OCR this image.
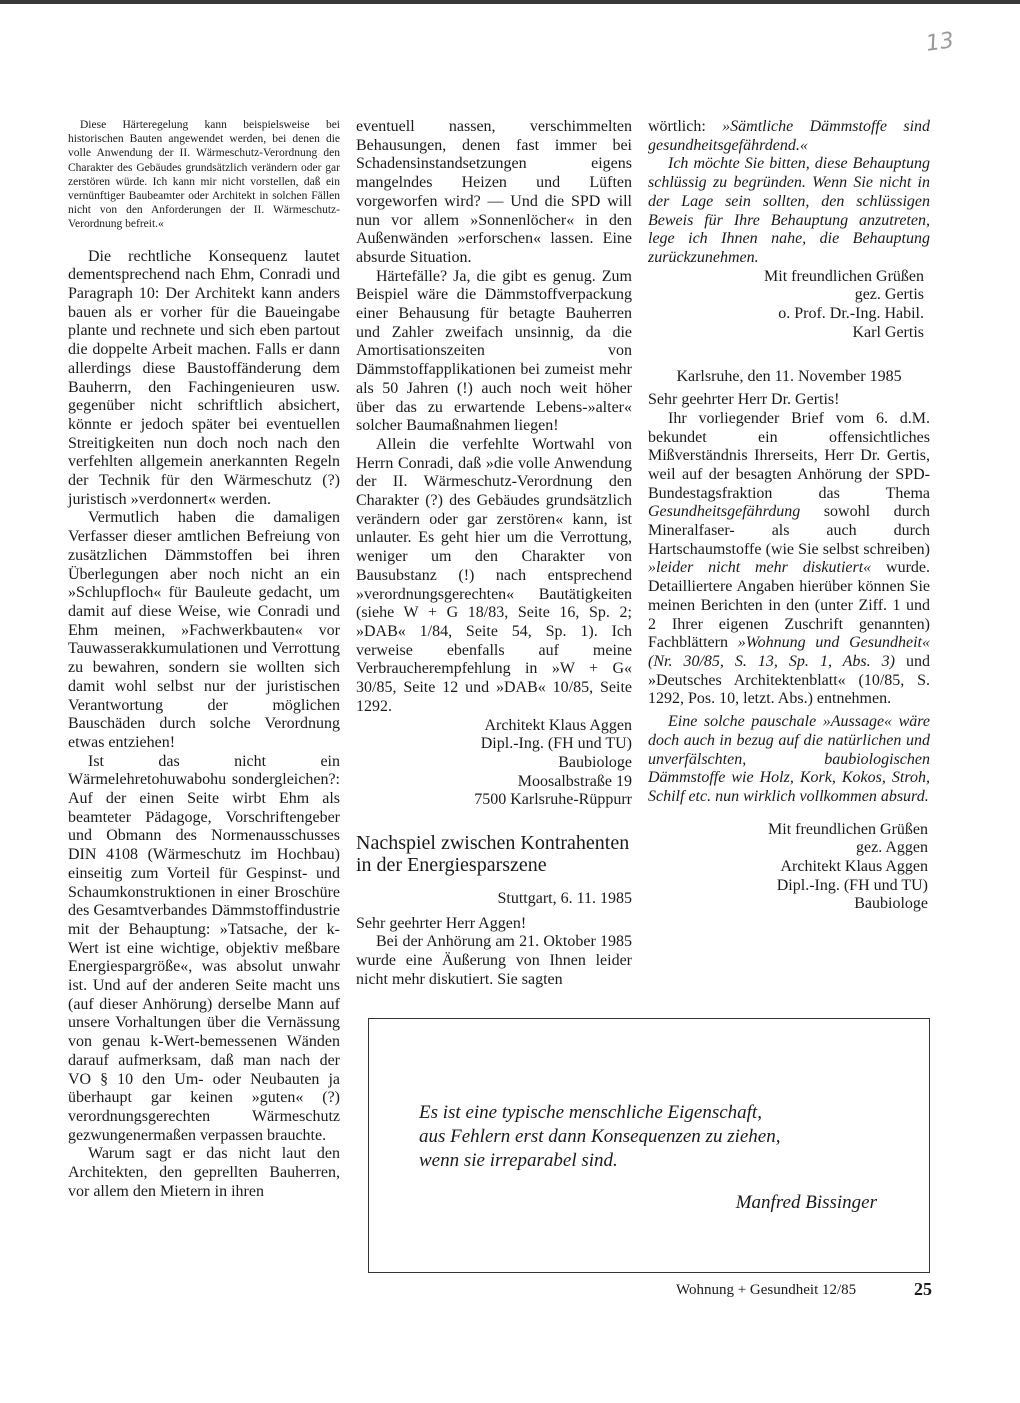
13

Diese Härteregelung kann beispielsweise bei historischen Bauten angewendet werden, bei denen die volle Anwendung der II. Wärmeschutz-Verordnung den Charakter des Gebäudes grundsätzlich verändern oder gar zerstören würde. Ich kann mir nicht vorstellen, daß ein vernünftiger Baubeamter oder Architekt in solchen Fällen nicht von den Anforderungen der II. Wärmeschutz-Verordnung befreit.«

Die rechtliche Konsequenz lautet dementsprechend nach Ehm, Conradi und Paragraph 10: Der Architekt kann anders bauen als er vorher für die Baueingabe plante und rechnete und sich eben partout die doppelte Arbeit machen. Falls er dann allerdings diese Baustoffänderung dem Bauherrn, den Fachingenieuren usw. gegenüber nicht schriftlich absichert, könnte er jedoch später bei eventuellen Streitigkeiten nun doch noch nach den verfehlten allgemein anerkannten Regeln der Technik für den Wärmeschutz (?) juristisch »verdonnert« werden.

Vermutlich haben die damaligen Verfasser dieser amtlichen Befreiung von zusätzlichen Dämmstoffen bei ihren Überlegungen aber noch nicht an ein »Schlupfloch« für Bauleute gedacht, um damit auf diese Weise, wie Conradi und Ehm meinen, »Fachwerkbauten« vor Tauwasserakkumulationen und Verrottung zu bewahren, sondern sie wollten sich damit wohl selbst nur der juristischen Verantwortung der möglichen Bauschäden durch solche Verordnung etwas entziehen!

Ist das nicht ein Wärmelehretohuwabohu sondergleichen?: Auf der einen Seite wirbt Ehm als beamteter Pädagoge, Vorschriftengeber und Obmann des Normenausschusses DIN 4108 (Wärmeschutz im Hochbau) einseitig zum Vorteil für Gespinst- und Schaumkonstruktionen in einer Broschüre des Gesamtverbandes Dämmstoffindustrie mit der Behauptung: »Tatsache, der k-Wert ist eine wichtige, objektiv meßbare Energiespargröße«, was absolut unwahr ist. Und auf der anderen Seite macht uns (auf dieser Anhörung) derselbe Mann auf unsere Vorhaltungen über die Vernässung von genau k-Wert-bemessenen Wänden darauf aufmerksam, daß man nach der VO § 10 den Um- oder Neubauten ja überhaupt gar keinen »guten« (?) verordnungsgerechten Wärmeschutz gezwungenermaßen verpassen brauchte.

Warum sagt er das nicht laut den Architekten, den geprellten Bauherren, vor allem den Mietern in ihren

eventuell nassen, verschimmelten Behausungen, denen fast immer bei Schadensinstandsetzungen eigens mangelndes Heizen und Lüften vorgeworfen wird? — Und die SPD will nun vor allem »Sonnenlöcher« in den Außenwänden »erforschen« lassen. Eine absurde Situation.

Härtefälle? Ja, die gibt es genug. Zum Beispiel wäre die Dämmstoffverpackung einer Behausung für betagte Bauherren und Zahler zweifach unsinnig, da die Amortisationszeiten von Dämmstoffapplikationen bei zumeist mehr als 50 Jahren (!) auch noch weit höher über das zu erwartende Lebens-»alter« solcher Baumaßnahmen liegen!

Allein die verfehlte Wortwahl von Herrn Conradi, daß »die volle Anwendung der II. Wärmeschutz-Verordnung den Charakter (?) des Gebäudes grundsätzlich verändern oder gar zerstören« kann, ist unlauter. Es geht hier um die Verrottung, weniger um den Charakter von Bausubstanz (!) nach entsprechend »verordnungsgerechten« Bautätigkeiten (siehe W + G 18/83, Seite 16, Sp. 2; »DAB« 1/84, Seite 54, Sp. 1). Ich verweise ebenfalls auf meine Verbraucherempfehlung in »W + G« 30/85, Seite 12 und »DAB« 10/85, Seite 1292.

Architekt Klaus Aggen

Dipl.-Ing. (FH und TU)

Baubiologe

Moosalbstraße 19

7500 Karlsruhe-Rüppurr

Nachspiel zwischen Kontrahenten in der Energiesparszene

Stuttgart, 6. 11. 1985

Sehr geehrter Herr Aggen!

Bei der Anhörung am 21. Oktober 1985 wurde eine Äußerung von Ihnen leider nicht mehr diskutiert. Sie sagten

wörtlich: »Sämtliche Dämmstoffe sind gesundheitsgefährdend.«

Ich möchte Sie bitten, diese Behauptung schlüssig zu begründen. Wenn Sie nicht in der Lage sein sollten, den schlüssigen Beweis für Ihre Behauptung anzutreten, lege ich Ihnen nahe, die Behauptung zurückzunehmen.

Mit freundlichen Grüßen

gez. Gertis

o. Prof. Dr.-Ing. Habil.

Karl Gertis

Karlsruhe, den 11. November 1985

Sehr geehrter Herr Dr. Gertis!

Ihr vorliegender Brief vom 6. d.M. bekundet ein offensichtliches Mißverständnis Ihrerseits, Herr Dr. Gertis, weil auf der besagten Anhörung der SPD-Bundestagsfraktion das Thema Gesundheitsgefährdung sowohl durch Mineralfaser- als auch durch Hartschaumstoffe (wie Sie selbst schreiben) »leider nicht mehr diskutiert« wurde. Detailliertere Angaben hierüber können Sie meinen Berichten in den (unter Ziff. 1 und 2 Ihrer eigenen Zuschrift genannten) Fachblättern »Wohnung und Gesundheit« (Nr. 30/85, S. 13, Sp. 1, Abs. 3) und »Deutsches Architektenblatt« (10/85, S. 1292, Pos. 10, letzt. Abs.) entnehmen.

Eine solche pauschale »Aussage« wäre doch auch in bezug auf die natürlichen und unverfälschten, baubiologischen Dämmstoffe wie Holz, Kork, Kokos, Stroh, Schilf etc. nun wirklich vollkommen absurd.

Mit freundlichen Grüßen

gez. Aggen

Architekt Klaus Aggen

Dipl.-Ing. (FH und TU)

Baubiologe

Es ist eine typische menschliche Eigenschaft,
aus Fehlern erst dann Konsequenzen zu ziehen,
wenn sie irreparabel sind.
Manfred Bissinger
Wohnung + Gesundheit 12/85	25
